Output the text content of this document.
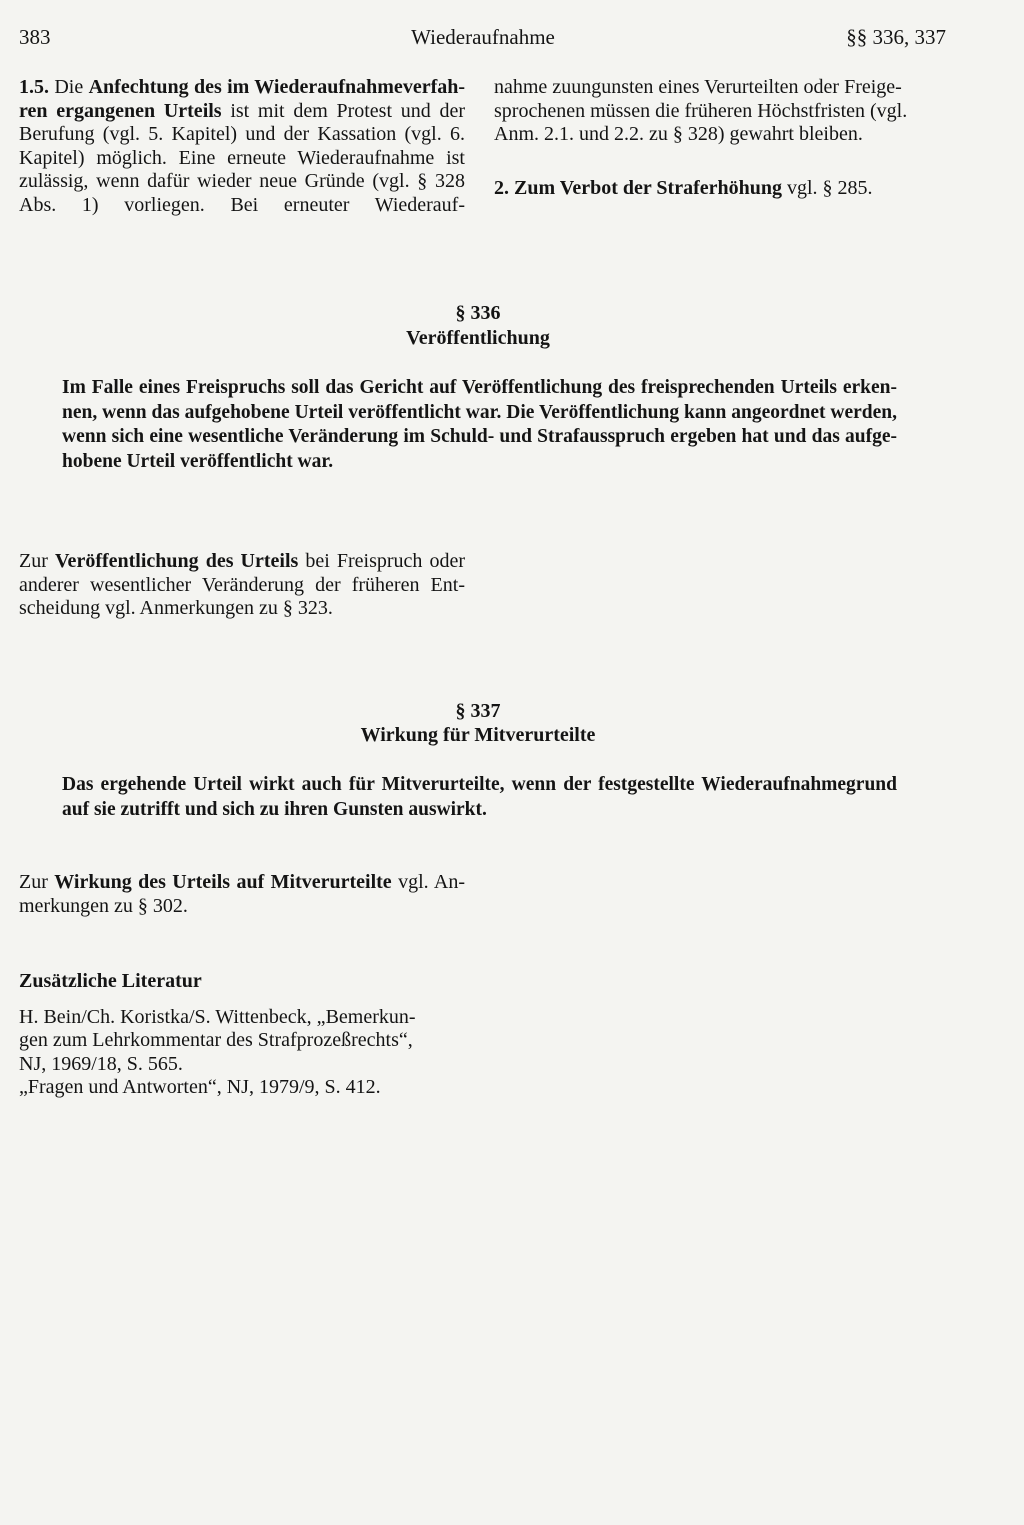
383	Wiederaufnahme	§§ 336, 337

1.5. Die Anfechtung des im Wiederaufnahmeverfah- ren ergangenen Urteils ist mit dem Protest und der Berufung (vgl. 5. Kapitel) und der Kassation (vgl. 6. Kapitel) möglich. Eine erneute Wiederaufnahme ist zulässig, wenn dafür wieder neue Gründe (vgl. § 328 Abs. 1) vorliegen. Bei erneuter Wiederauf-

nahme zuungunsten eines Verurteilten oder Freige-
sprochenen müssen die früheren Höchstfristen (vgl.
Anm. 2.1. und 2.2. zu § 328) gewahrt bleiben.
2. Zum Verbot der Straferhöhung vgl. § 285.
§ 336
Veröffentlichung
Im Falle eines Freispruchs soll das Gericht auf Veröffentlichung des freisprechenden Urteils erken- nen, wenn das aufgehobene Urteil veröffentlicht war. Die Veröffentlichung kann angeordnet werden, wenn sich eine wesentliche Veränderung im Schuld- und Strafausspruch ergeben hat und das aufge- hobene Urteil veröffentlicht war.

Zur Veröffentlichung des Urteils bei Freispruch oder anderer wesentlicher Veränderung der früheren Ent- scheidung vgl. Anmerkungen zu § 323.

§ 337
Wirkung für Mitverurteilte
Das ergehende Urteil wirkt auch für Mitverurteilte, wenn der festgestellte Wiederaufnahmegrund auf sie zutrifft und sich zu ihren Gunsten auswirkt.

Zur Wirkung des Urteils auf Mitverurteilte vgl. An- merkungen zu § 302.

Zusätzliche Literatur
H. Bein/Ch. Koristka/S. Wittenbeck, „Bemerkun-
gen zum Lehrkommentar des Strafprozeßrechts“,
NJ, 1969/18, S. 565.
„Fragen und Antworten“, NJ, 1979/9, S. 412.
